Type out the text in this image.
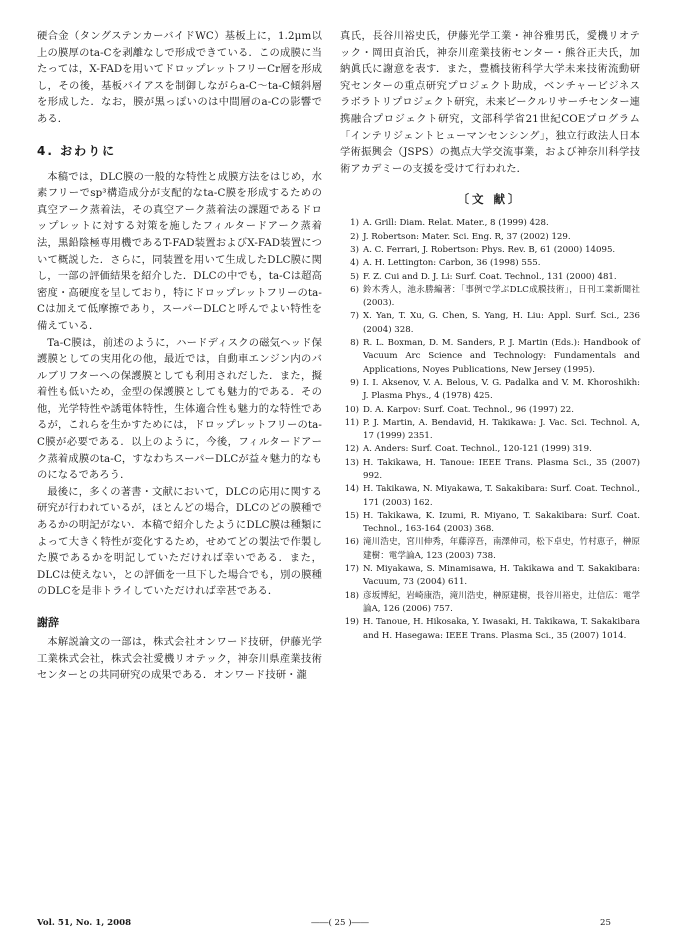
硬合金（タングステンカーバイドWC）基板上に，1.2μm以上の膜厚のta-Cを剥離なしで形成できている．この成膜に当たっては，X-FADを用いてドロップレットフリーCr層を形成し，その後，基板バイアスを制御しながらa-C～ta-C傾斜層を形成した．なお，膜が黒っぽいのは中間層のa-Cの影響である．

4. おわりに

本稿では，DLC膜の一般的な特性と成膜方法をはじめ，水素フリーでsp³構造成分が支配的なta-C膜を形成するための真空アーク蒸着法，その真空アーク蒸着法の課題であるドロップレットに対する対策を施したフィルタードアーク蒸着法，黒鉛陰極専用機であるT-FAD装置およびX-FAD装置について概説した．さらに，同装置を用いて生成したDLC膜に関し，一部の評価結果を紹介した．DLCの中でも，ta-Cは超高密度・高硬度を呈しており，特にドロップレットフリーのta-Cは加えて低摩擦であり，スーパーDLCと呼んでよい特性を備えている．

Ta-C膜は，前述のように，ハードディスクの磁気ヘッド保護膜としての実用化の他，最近では，自動車エンジン内のバルブリフターへの保護膜としても利用されだした．また，擬着性も低いため，金型の保護膜としても魅力的である．その他，光学特性や誘電体特性，生体適合性も魅力的な特性であるが，これらを生かすためには，ドロップレットフリーのta-C膜が必要である．以上のように，今後，フィルタードアーク蒸着成膜のta-C，すなわちスーパーDLCが益々魅力的なものになるであろう．

最後に，多くの著書・文献において，DLCの応用に関する研究が行われているが，ほとんどの場合，DLCのどの膜種であるかの明記がない．本稿で紹介したようにDLC膜は種類によって大きく特性が変化するため，せめてどの製法で作製した膜であるかを明記していただければ幸いである．また，DLCは使えない，との評価を一旦下した場合でも，別の膜種のDLCを是非トライしていただければ幸甚である．

謝辞

本解説論文の一部は，株式会社オンワード技研，伊藤光学工業株式会社，株式会社愛機リオテック，神奈川県産業技術センターとの共同研究の成果である．オンワード技研・瀧

真氏，長谷川裕史氏，伊藤光学工業・神谷雅男氏，愛機リオテック・岡田貞治氏，神奈川産業技術センター・熊谷正夫氏，加納眞氏に謝意を表す．また，豊橋技術科学大学未来技術流動研究センターの重点研究プロジェクト助成，ベンチャービジネスラボラトリプロジェクト研究，未来ビークルリサーチセンター連携融合プロジェクト研究，文部科学省21世紀COEプログラム「インテリジェントヒューマンセンシング」，独立行政法人日本学術振興会（JSPS）の拠点大学交流事業，および神奈川科学技術アカデミーの支援を受けて行われた．

〔文 献〕
1) A. Grill: Diam. Relat. Mater., 8 (1999) 428.
2) J. Robertson: Mater. Sci. Eng. R, 37 (2002) 129.
3) A. C. Ferrari, J. Robertson: Phys. Rev. B, 61 (2000) 14095.
4) A. H. Lettington: Carbon, 36 (1998) 555.
5) F. Z. Cui and D. J. Li: Surf. Coat. Technol., 131 (2000) 481.
6) 鈴木秀人，池永勝編著：「事例で学ぶDLC成膜技術」，日刊工業新聞社 (2003).
7) X. Yan, T. Xu, G. Chen, S. Yang, H. Liu: Appl. Surf. Sci., 236 (2004) 328.
8) R. L. Boxman, D. M. Sanders, P. J. Martin (Eds.): Handbook of Vacuum Arc Science and Technology: Fundamentals and Applications, Noyes Publications, New Jersey (1995).
9) I. I. Aksenov, V. A. Belous, V. G. Padalka and V. M. Khoroshikh: J. Plasma Phys., 4 (1978) 425.
10) D. A. Karpov: Surf. Coat. Technol., 96 (1997) 22.
11) P. J. Martin, A. Bendavid, H. Takikawa: J. Vac. Sci. Technol. A, 17 (1999) 2351.
12) A. Anders: Surf. Coat. Technol., 120-121 (1999) 319.
13) H. Takikawa, H. Tanoue: IEEE Trans. Plasma Sci., 35 (2007) 992.
14) H. Takikawa, N. Miyakawa, T. Sakakibara: Surf. Coat. Technol., 171 (2003) 162.
15) H. Takikawa, K. Izumi, R. Miyano, T. Sakakibara: Surf. Coat. Technol., 163-164 (2003) 368.
16) 滝川浩史，宮川伸秀，年藤淳吾，南澤伸司，松下卓史，竹村恵子，榊原建樹：電学論A, 123 (2003) 738.
17) N. Miyakawa, S. Minamisawa, H. Takikawa and T. Sakakibara: Vacuum, 73 (2004) 611.
18) 彦坂博紀，岩崎康浩，滝川浩史，榊原建樹，長谷川裕史，辻信広：電学論A, 126 (2006) 757.
19) H. Tanoue, H. Hikosaka, Y. Iwasaki, H. Takikawa, T. Sakakibara and H. Hasegawa: IEEE Trans. Plasma Sci., 35 (2007) 1014.
Vol. 51, No. 1, 2008	――( 25 )――	25
